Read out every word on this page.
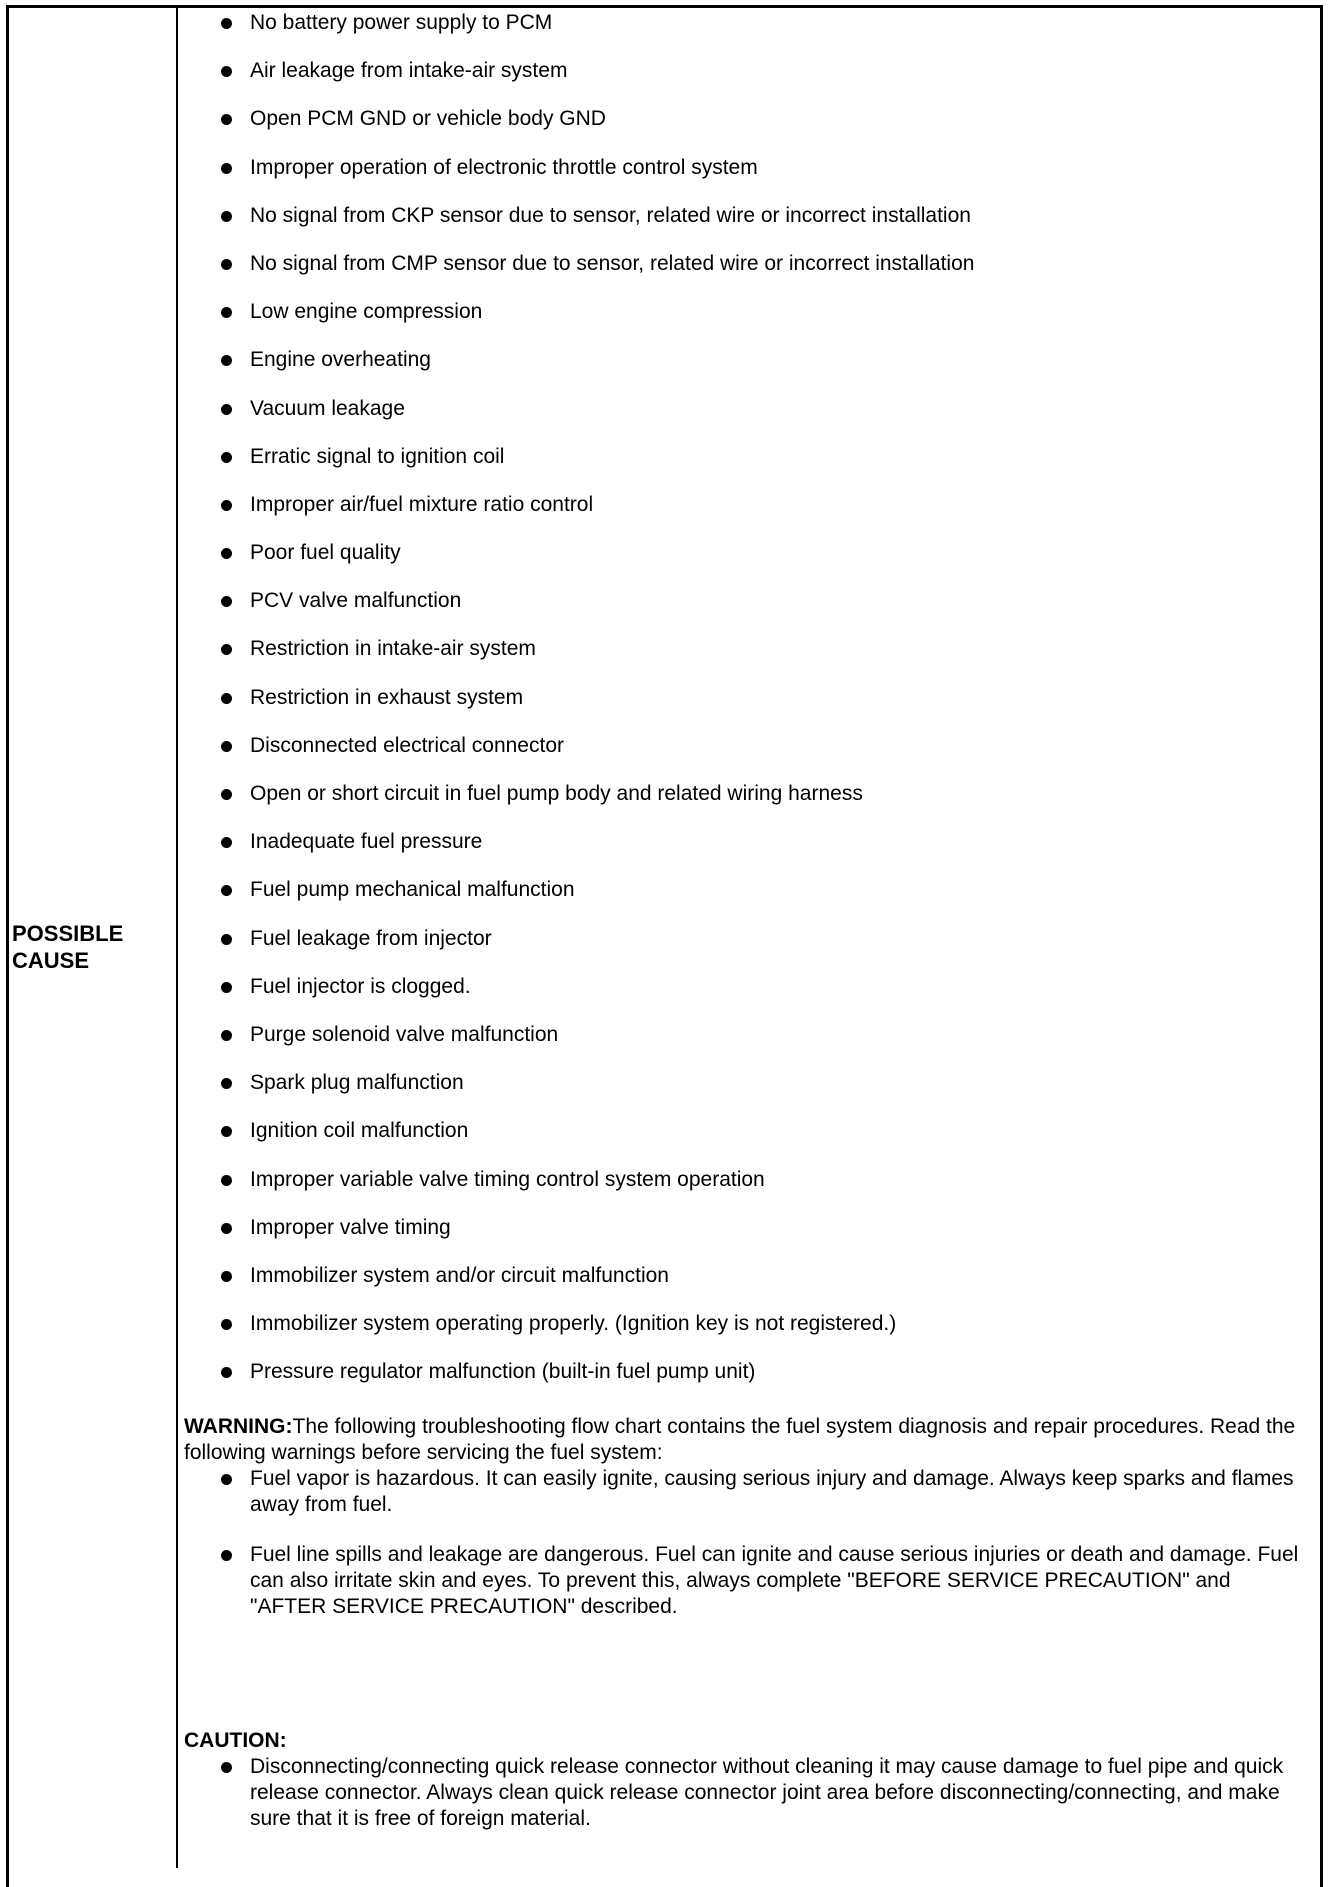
POSSIBLE
CAUSE
No battery power supply to PCM
Air leakage from intake-air system
Open PCM GND or vehicle body GND
Improper operation of electronic throttle control system
No signal from CKP sensor due to sensor, related wire or incorrect installation
No signal from CMP sensor due to sensor, related wire or incorrect installation
Low engine compression
Engine overheating
Vacuum leakage
Erratic signal to ignition coil
Improper air/fuel mixture ratio control
Poor fuel quality
PCV valve malfunction
Restriction in intake-air system
Restriction in exhaust system
Disconnected electrical connector
Open or short circuit in fuel pump body and related wiring harness
Inadequate fuel pressure
Fuel pump mechanical malfunction
Fuel leakage from injector
Fuel injector is clogged.
Purge solenoid valve malfunction
Spark plug malfunction
Ignition coil malfunction
Improper variable valve timing control system operation
Improper valve timing
Immobilizer system and/or circuit malfunction
Immobilizer system operating properly. (Ignition key is not registered.)
Pressure regulator malfunction (built-in fuel pump unit)
WARNING:The following troubleshooting flow chart contains the fuel system diagnosis and repair procedures. Read the following warnings before servicing the fuel system:
Fuel vapor is hazardous. It can easily ignite, causing serious injury and damage. Always keep sparks and flames away from fuel.
Fuel line spills and leakage are dangerous. Fuel can ignite and cause serious injuries or death and damage. Fuel can also irritate skin and eyes. To prevent this, always complete "BEFORE SERVICE PRECAUTION" and "AFTER SERVICE PRECAUTION" described.
CAUTION:
Disconnecting/connecting quick release connector without cleaning it may cause damage to fuel pipe and quick release connector. Always clean quick release connector joint area before disconnecting/connecting, and make sure that it is free of foreign material.
